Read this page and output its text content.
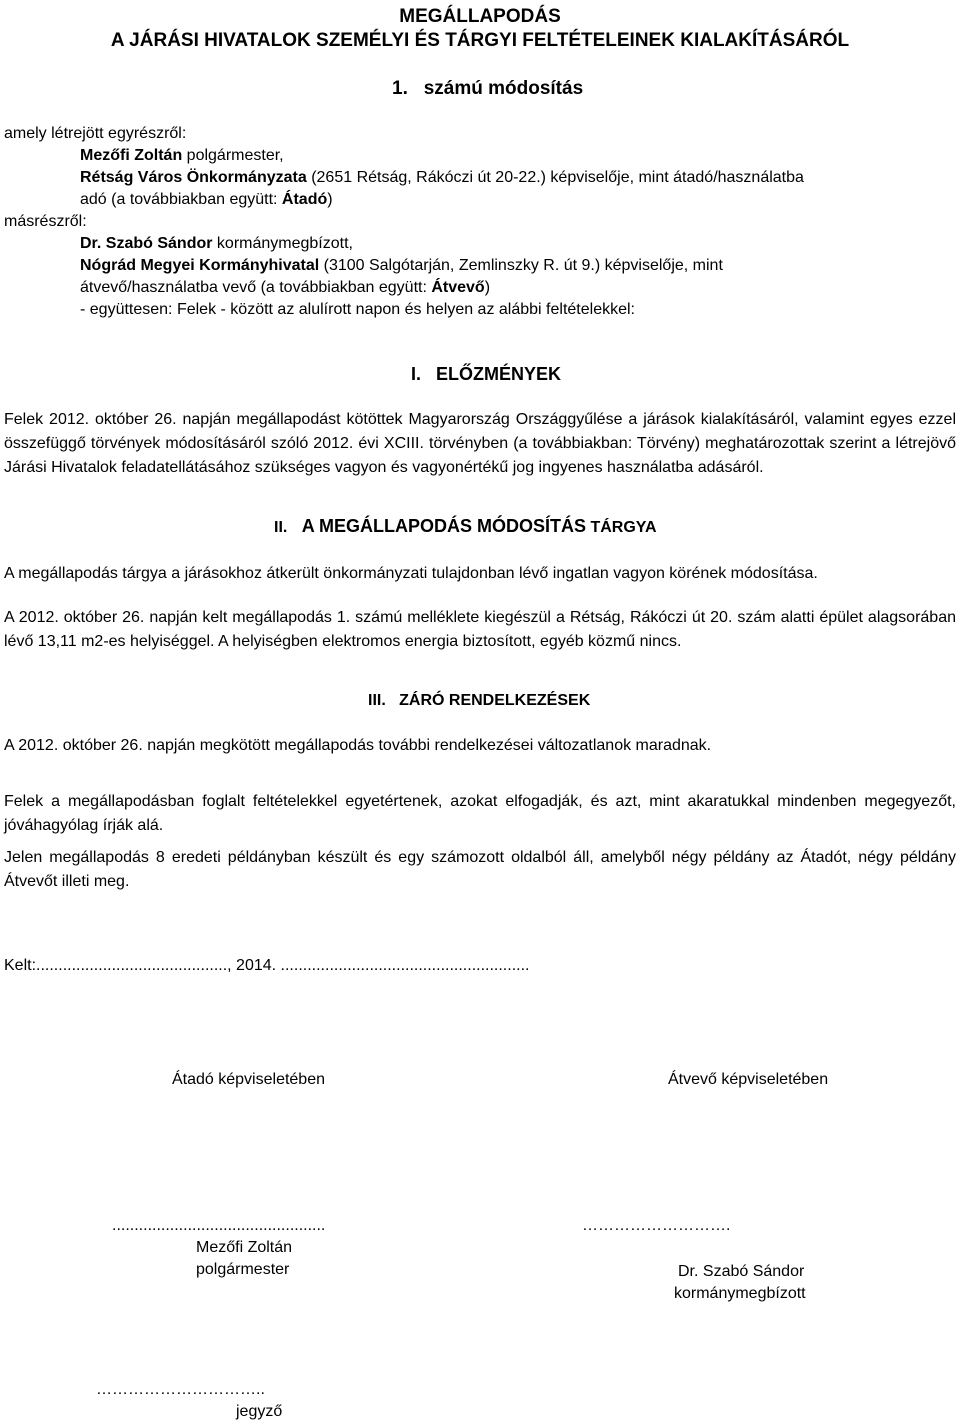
MEGÁLLAPODÁS
A JÁRÁSI HIVATALOK SZEMÉLYI ÉS TÁRGYI FELTÉTELEINEK KIALAKÍTÁSÁRÓL
1. számú módosítás
amely létrejött egyrészről:
Mezőfi Zoltán polgármester,
Rétság Város Önkormányzata (2651 Rétság, Rákóczi út 20-22.) képviselője, mint átadó/használatba
adó (a továbbiakban együtt: Átadó)
másrészről:
Dr. Szabó Sándor kormánymegbízott,
Nógrád Megyei Kormányhivatal (3100 Salgótarján, Zemlinszky R. út 9.) képviselője, mint
átvevő/használatba vevő (a továbbiakban együtt: Átvevő)
- együttesen: Felek - között az alulírott napon és helyen az alábbi feltételekkel:
I. ELŐZMÉNYEK
Felek 2012. október 26. napján megállapodást kötöttek Magyarország Országgyűlése a járások kialakításáról, valamint egyes ezzel összefüggő törvények módosításáról szóló 2012. évi XCIII. törvényben (a továbbiakban: Törvény) meghatározottak szerint a létrejövő Járási Hivatalok feladatellátásához szükséges vagyon és vagyonértékű jog ingyenes használatba adásáról.
II. A MEGÁLLAPODÁS MÓDOSÍTÁS TÁRGYA
A megállapodás tárgya a járásokhoz átkerült önkormányzati tulajdonban lévő ingatlan vagyon körének módosítása.
A 2012. október 26. napján kelt megállapodás 1. számú melléklete kiegészül a Rétság, Rákóczi út 20. szám alatti épület alagsorában lévő 13,11 m2-es helyiséggel. A helyiségben elektromos energia biztosított, egyéb közmű nincs.
III. ZÁRÓ RENDELKEZÉSEK
A 2012. október 26. napján megkötött megállapodás további rendelkezései változatlanok maradnak.
Felek a megállapodásban foglalt feltételekkel egyetértenek, azokat elfogadják, és azt, mint akaratukkal mindenben megegyezőt, jóváhagyólag írják alá.
Jelen megállapodás 8 eredeti példányban készült és egy számozott oldalból áll, amelyből négy példány az Átadót, négy példány Átvevőt illeti meg.
Kelt:..........................................., 2014. ........................................................
Átadó képviseletében	Átvevő képviseletében
................................................
Mezőfi Zoltán
polgármester
……………………….
Dr. Szabó Sándor
kormánymegbízott
…………………………..
jegyző
